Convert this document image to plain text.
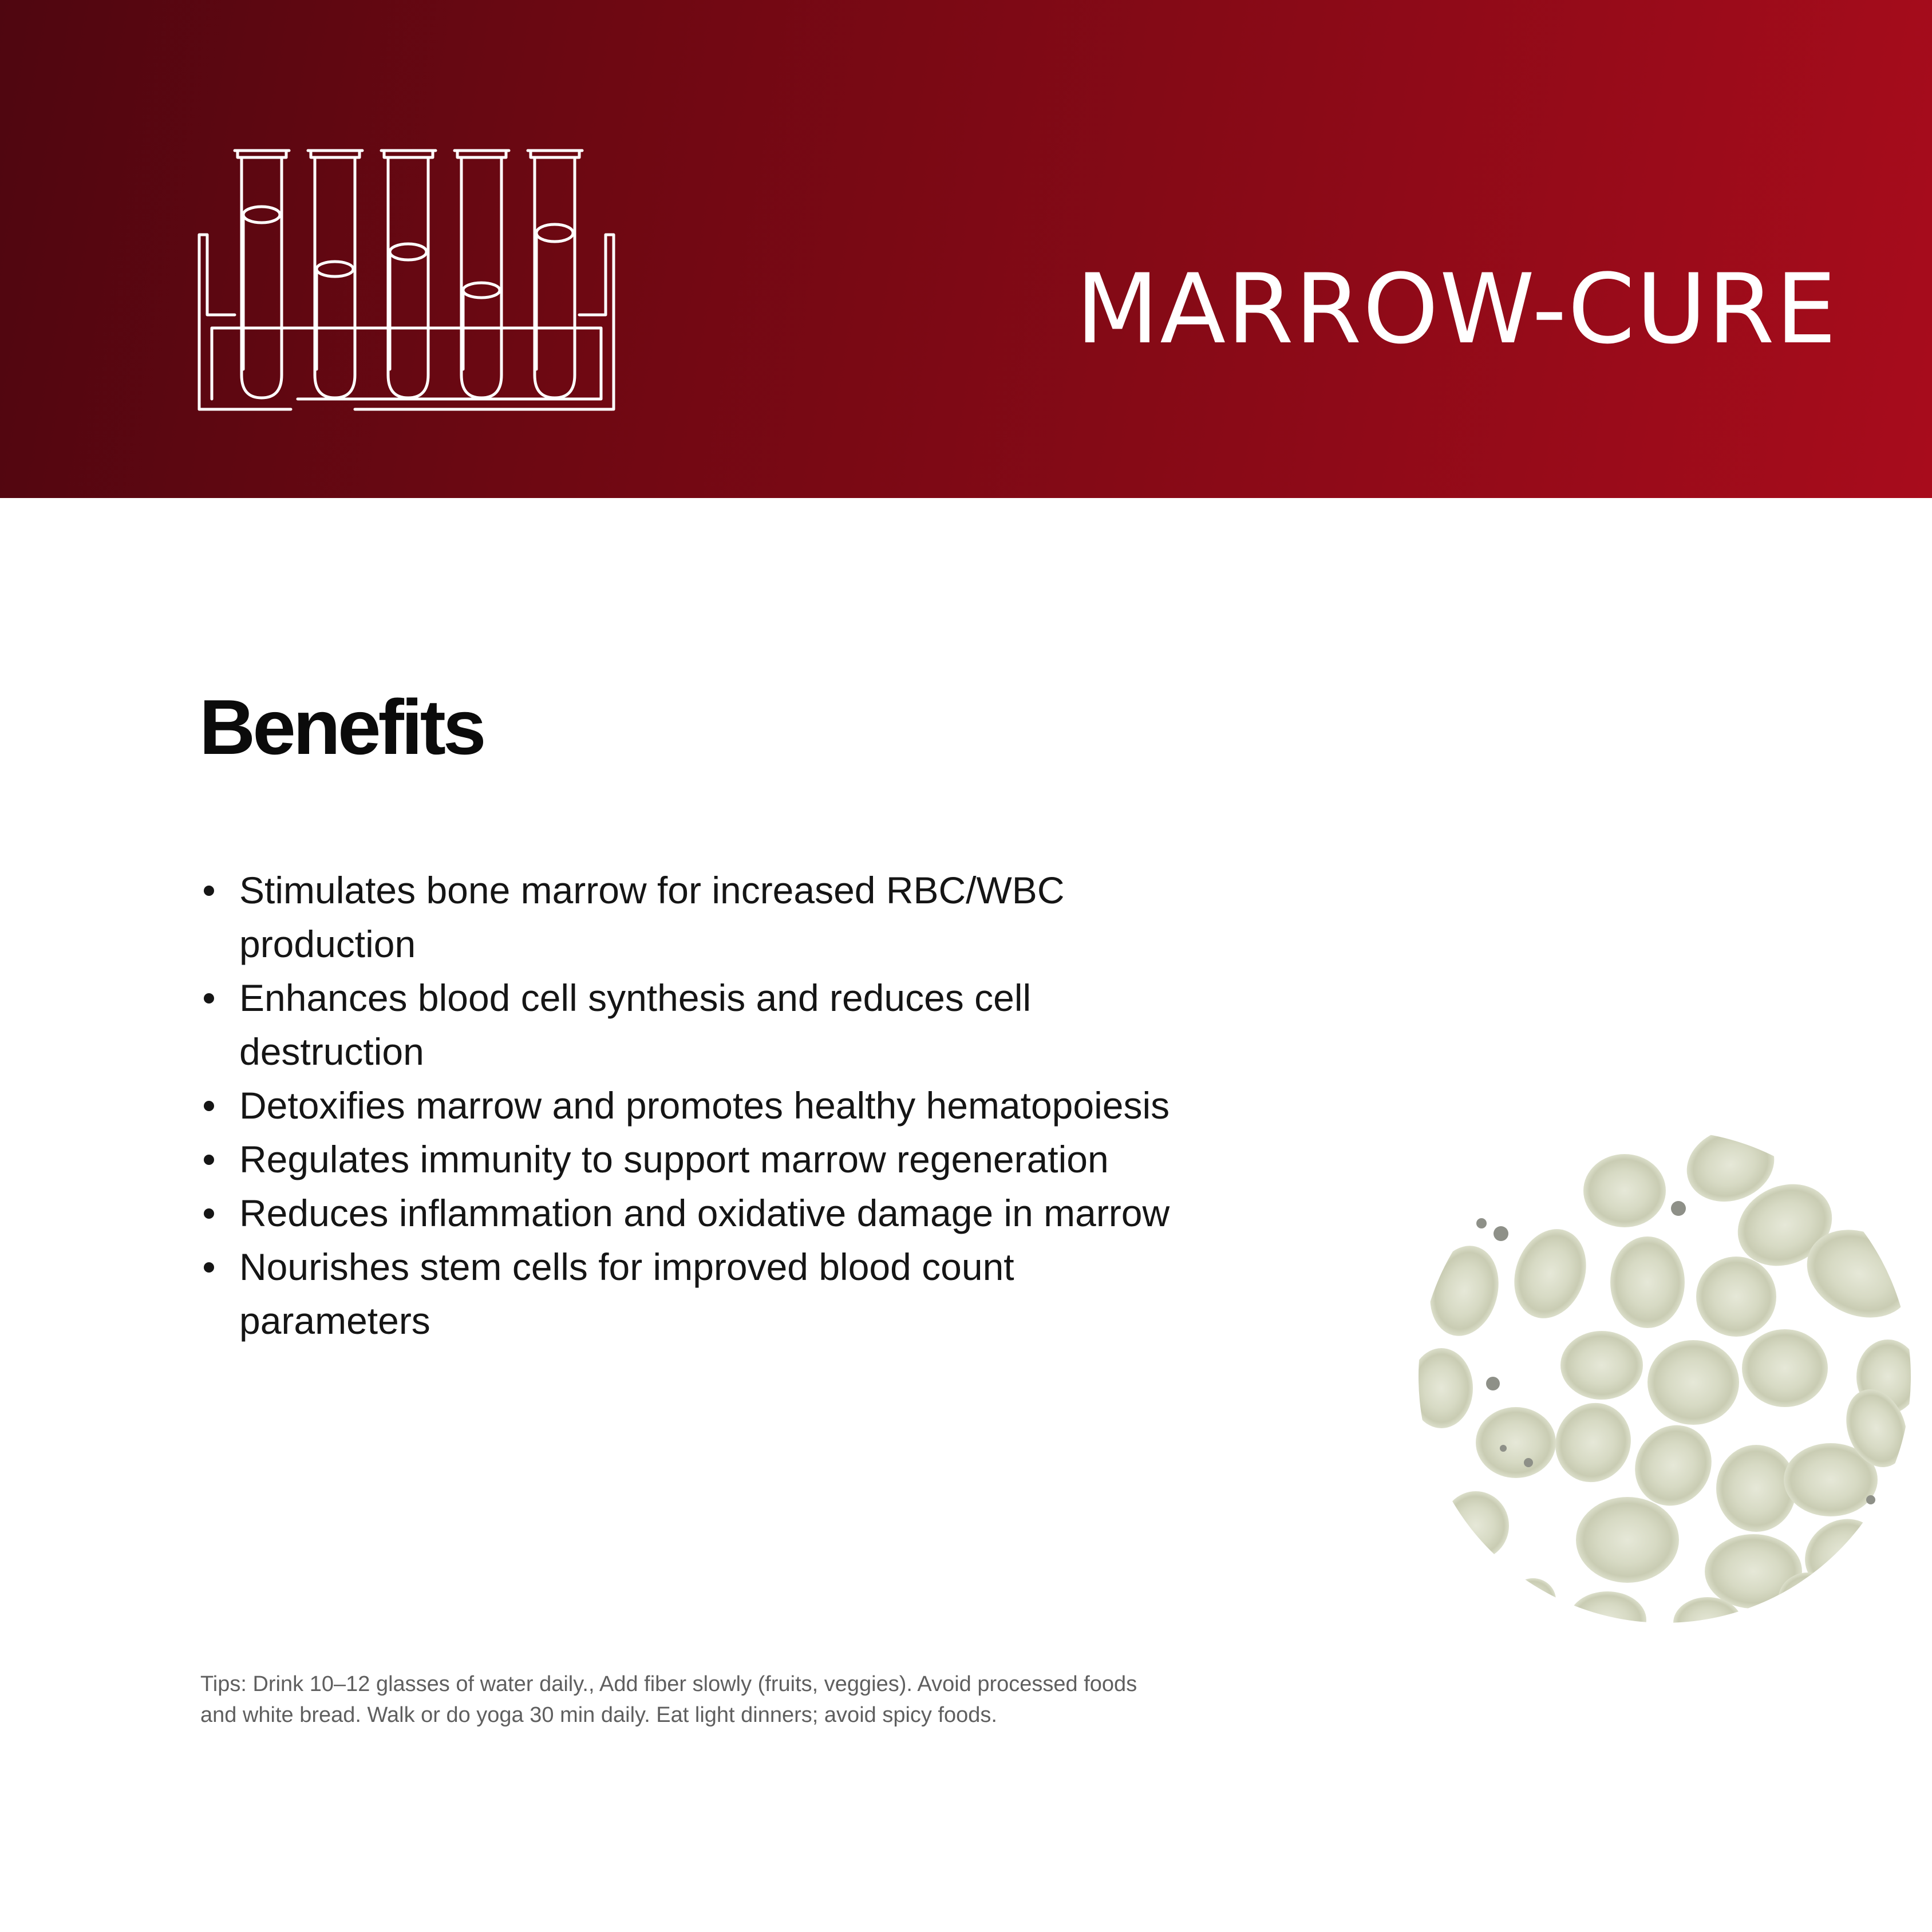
MARROW-CURE
Benefits
Stimulates bone marrow for increased RBC/WBC production
Enhances blood cell synthesis and reduces cell destruction
Detoxifies marrow and promotes healthy hematopoiesis
Regulates immunity to support marrow regeneration
Reduces inflammation and oxidative damage in marrow
Nourishes stem cells for improved blood count parameters

Tips: Drink 10–12 glasses of water daily., Add fiber slowly (fruits, veggies). Avoid processed foods and white bread. Walk or do yoga 30 min daily. Eat light dinners; avoid spicy foods.
